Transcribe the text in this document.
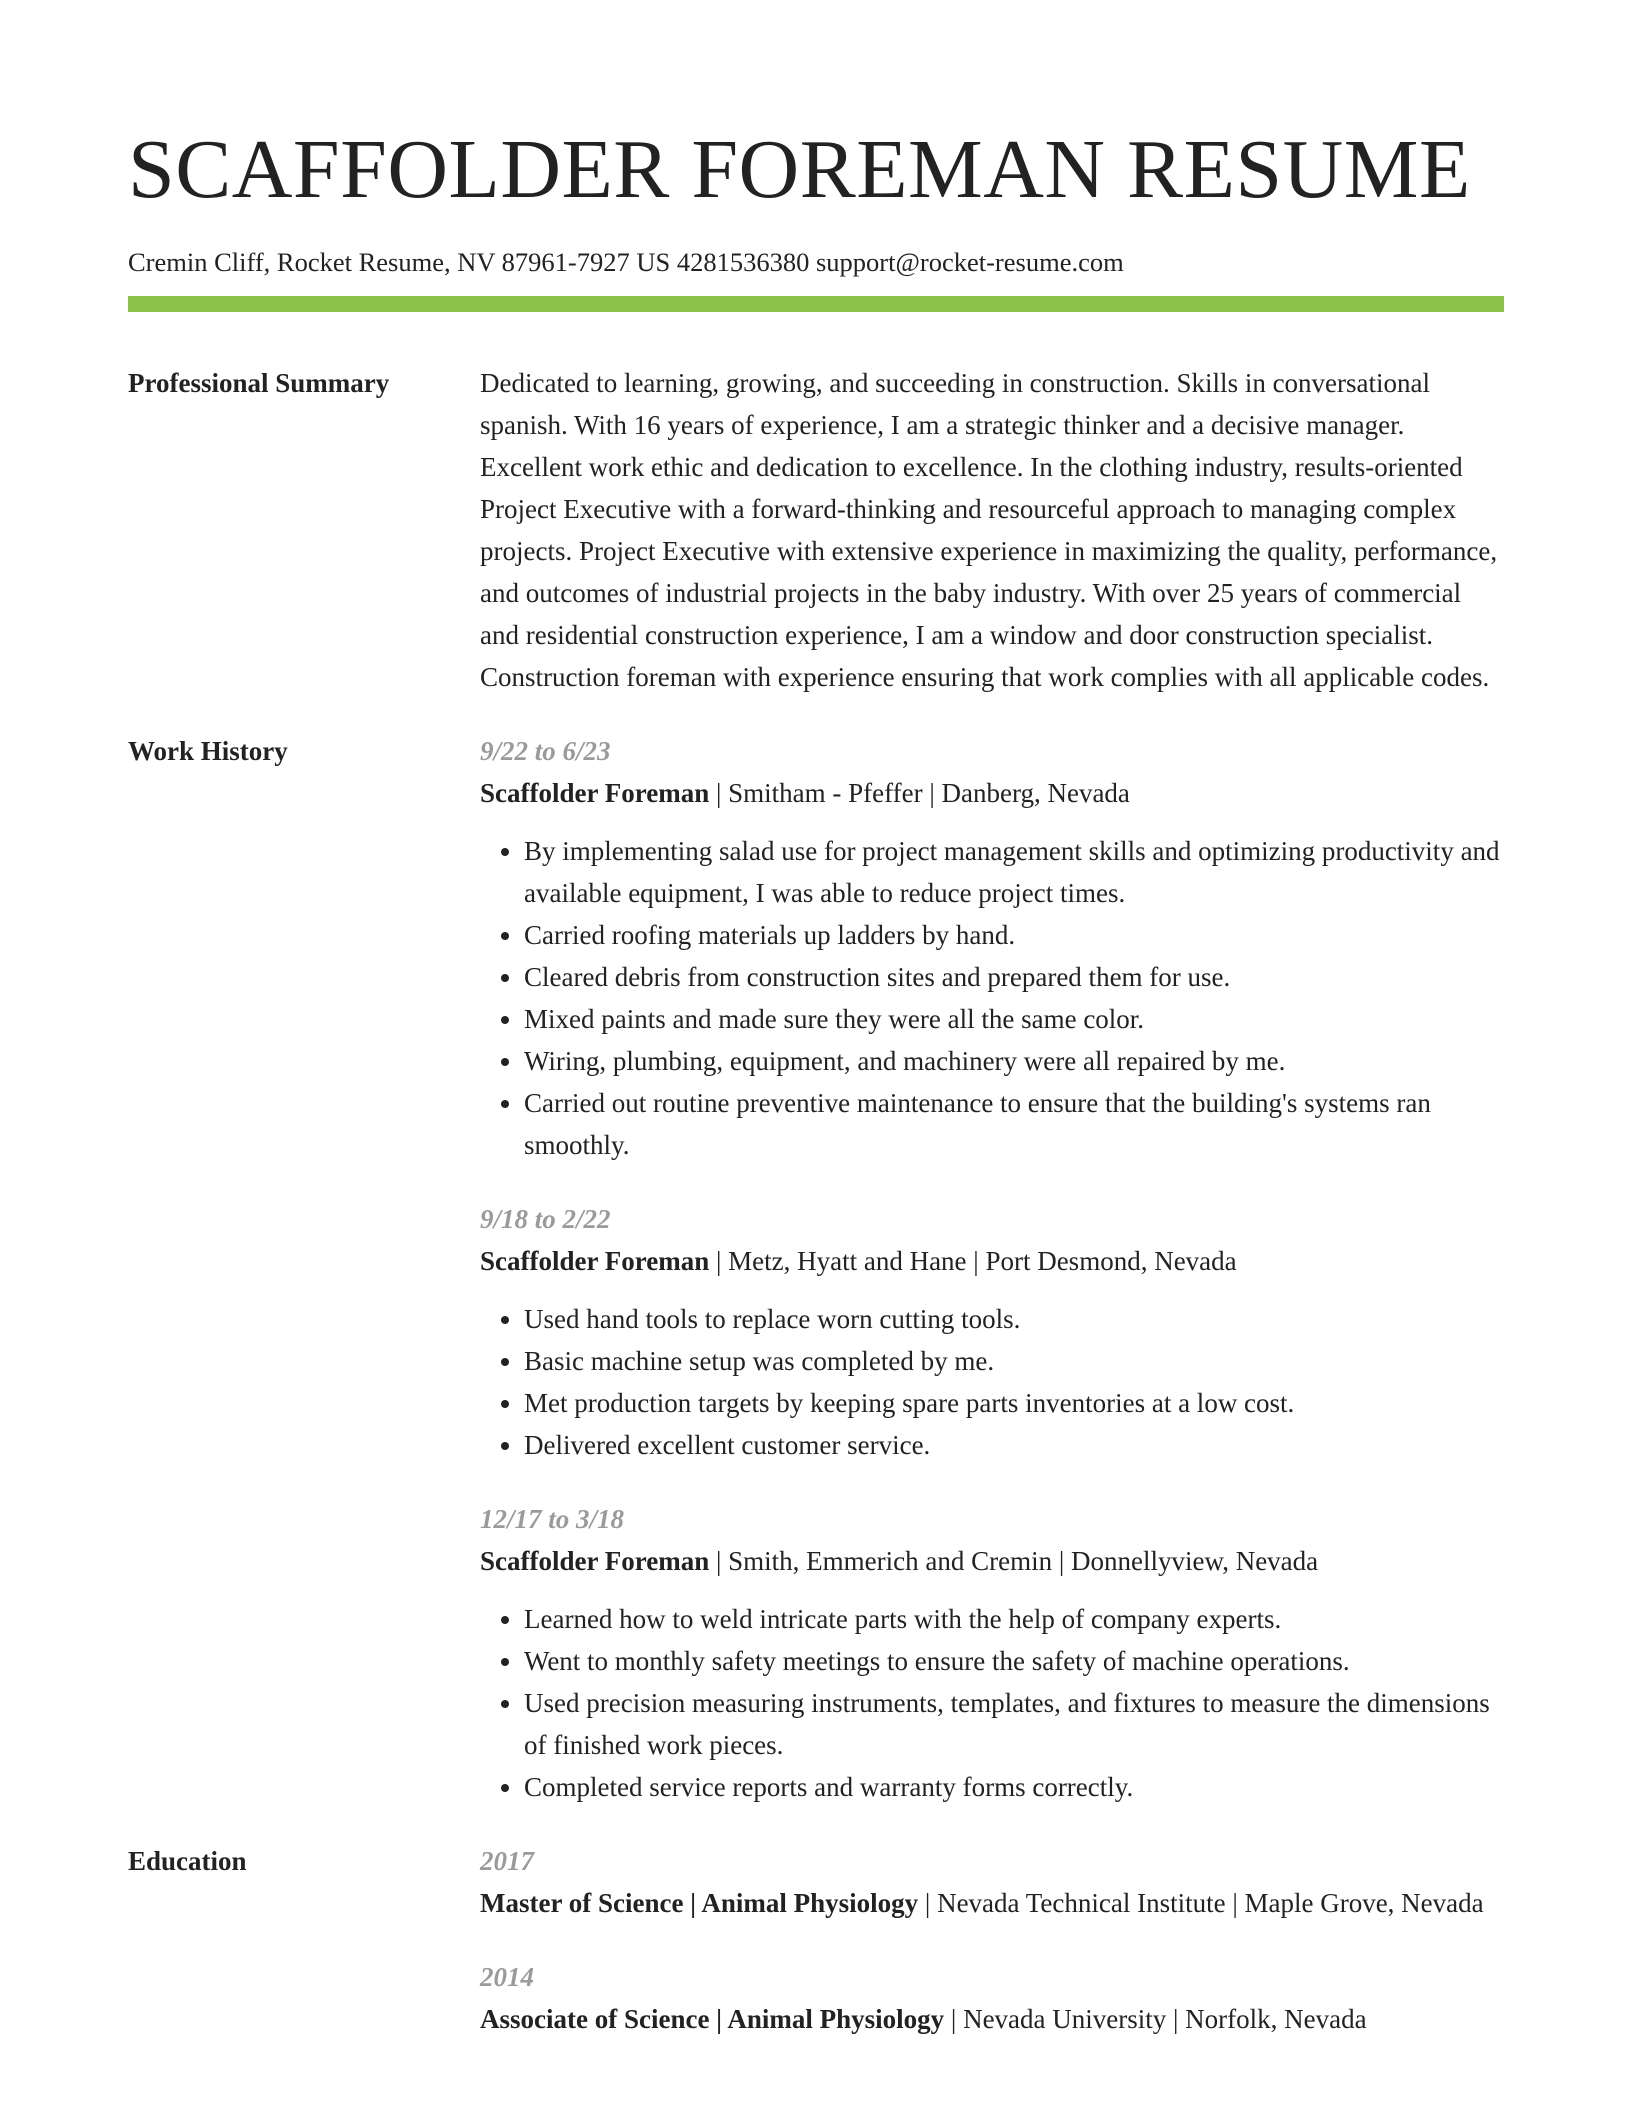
SCAFFOLDER FOREMAN RESUME
Cremin Cliff, Rocket Resume, NV 87961-7927 US 4281536380 support@rocket-resume.com
Professional Summary	Dedicated to learning, growing, and succeeding in construction. Skills in conversational spanish. With 16 years of experience, I am a strategic thinker and a decisive manager. Excellent work ethic and dedication to excellence. In the clothing industry, results-oriented Project Executive with a forward-thinking and resourceful approach to managing complex projects. Project Executive with extensive experience in maximizing the quality, performance, and outcomes of industrial projects in the baby industry. With over 25 years of commercial and residential construction experience, I am a window and door construction specialist. Construction foreman with experience ensuring that work complies with all applicable codes.

Work History	9/22 to 6/23
Scaffolder Foreman | Smitham - Pfeffer | Danberg, Nevada
• By implementing salad use for project management skills and optimizing productivity and available equipment, I was able to reduce project times.
• Carried roofing materials up ladders by hand.
• Cleared debris from construction sites and prepared them for use.
• Mixed paints and made sure they were all the same color.
• Wiring, plumbing, equipment, and machinery were all repaired by me.
• Carried out routine preventive maintenance to ensure that the building's systems ran smoothly.
9/18 to 2/22
Scaffolder Foreman | Metz, Hyatt and Hane | Port Desmond, Nevada
• Used hand tools to replace worn cutting tools.
• Basic machine setup was completed by me.
• Met production targets by keeping spare parts inventories at a low cost.
• Delivered excellent customer service.
12/17 to 3/18
Scaffolder Foreman | Smith, Emmerich and Cremin | Donnellyview, Nevada
• Learned how to weld intricate parts with the help of company experts.
• Went to monthly safety meetings to ensure the safety of machine operations.
• Used precision measuring instruments, templates, and fixtures to measure the dimensions of finished work pieces.
• Completed service reports and warranty forms correctly.
Education	2017
Master of Science | Animal Physiology | Nevada Technical Institute | Maple Grove, Nevada
2014
Associate of Science | Animal Physiology | Nevada University | Norfolk, Nevada
